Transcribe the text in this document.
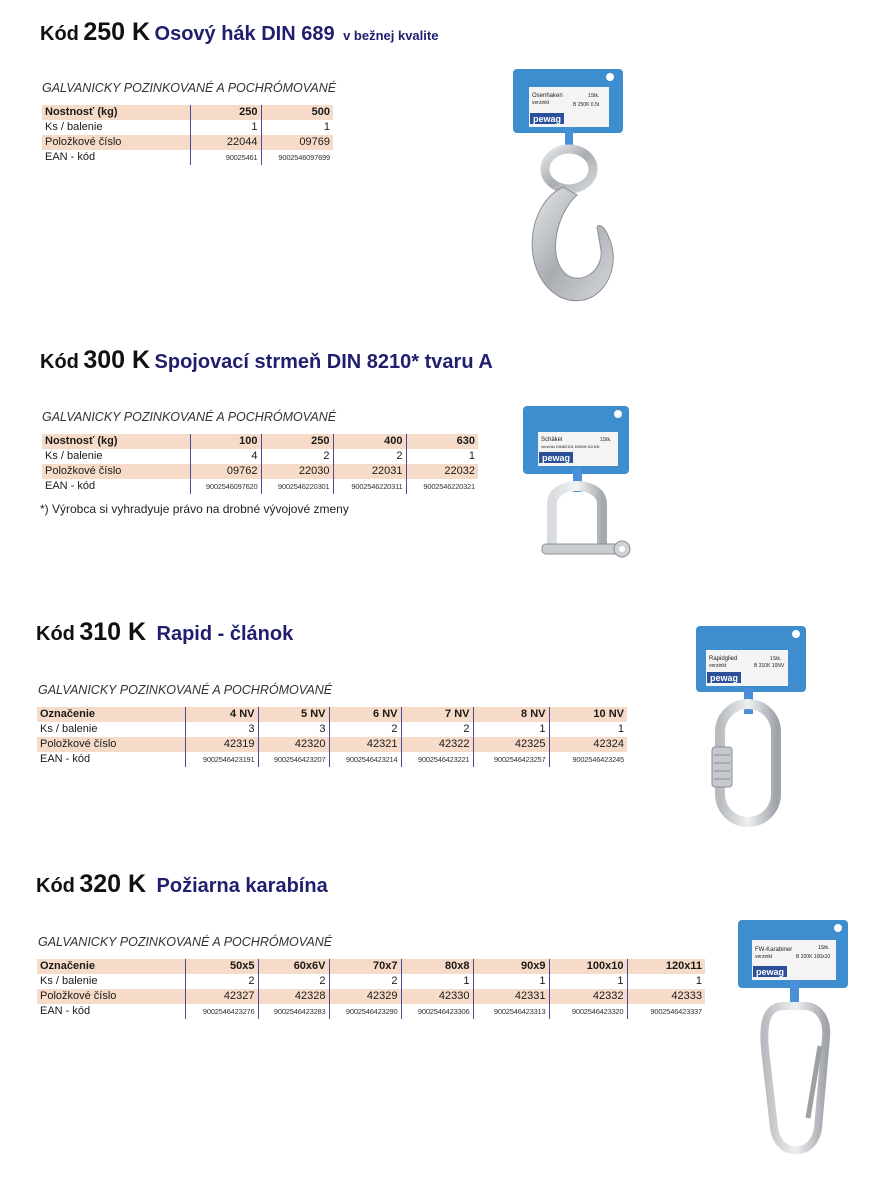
Kód 250 K Osový hák DIN 689 v bežnej kvalite
GALVANICKY POZINKOVANÉ A POCHRÓMOVANÉ
Nostnosť (kg)	250	500
Ks / balenie	1	1
Položkové číslo	22044	09769
EAN - kód	90025461	9002546097699
Osenhaken
verzinkt
1Stk.
B 250K 0.5t
pewag
Kód 300 K Spojovací strmeň DIN 8210* tvaru A
GALVANICKY POZINKOVANÉ A POCHRÓMOVANÉ
Nostnosť (kg)	100	250	400	630
Ks / balenie	4	2	2	1
Položkové číslo	09762	22030	22031	22032
EAN - kód	9002546097620	9002546220301	9002546220311	9002546220321
*) Výrobca si vyhradyuje právo na drobné vývojové zmeny
Schäkel
verzinkt DIN82101 B300K A0.63t
1Stk.
pewag
Kód 310 K Rapid - článok
GALVANICKY POZINKOVANÉ A POCHRÓMOVANÉ
Označenie	4 NV	5 NV	6 NV	7 NV	8 NV	10 NV
Ks / balenie	3	3	2	2	1	1
Položkové číslo	42319	42320	42321	42322	42325	42324
EAN - kód	9002546423191	9002546423207	9002546423214	9002546423221	9002546423257	9002546423245
Rapidglied
verzinkt
1Stk.
B 310K 10NV
pewag
Kód 320 K Požiarna karabína
GALVANICKY POZINKOVANÉ A POCHRÓMOVANÉ
Označenie	50x5	60x6V	70x7	80x8	90x9	100x10	120x11
Ks / balenie	2	2	2	1	1	1	1
Položkové číslo	42327	42328	42329	42330	42331	42332	42333
EAN - kód	9002546423276	9002546423283	9002546423290	9002546423306	9002546423313	9002546423320	9002546423337
FW-Karabiner
verzinkt
1Stk.
B 320K 100x10
pewag
